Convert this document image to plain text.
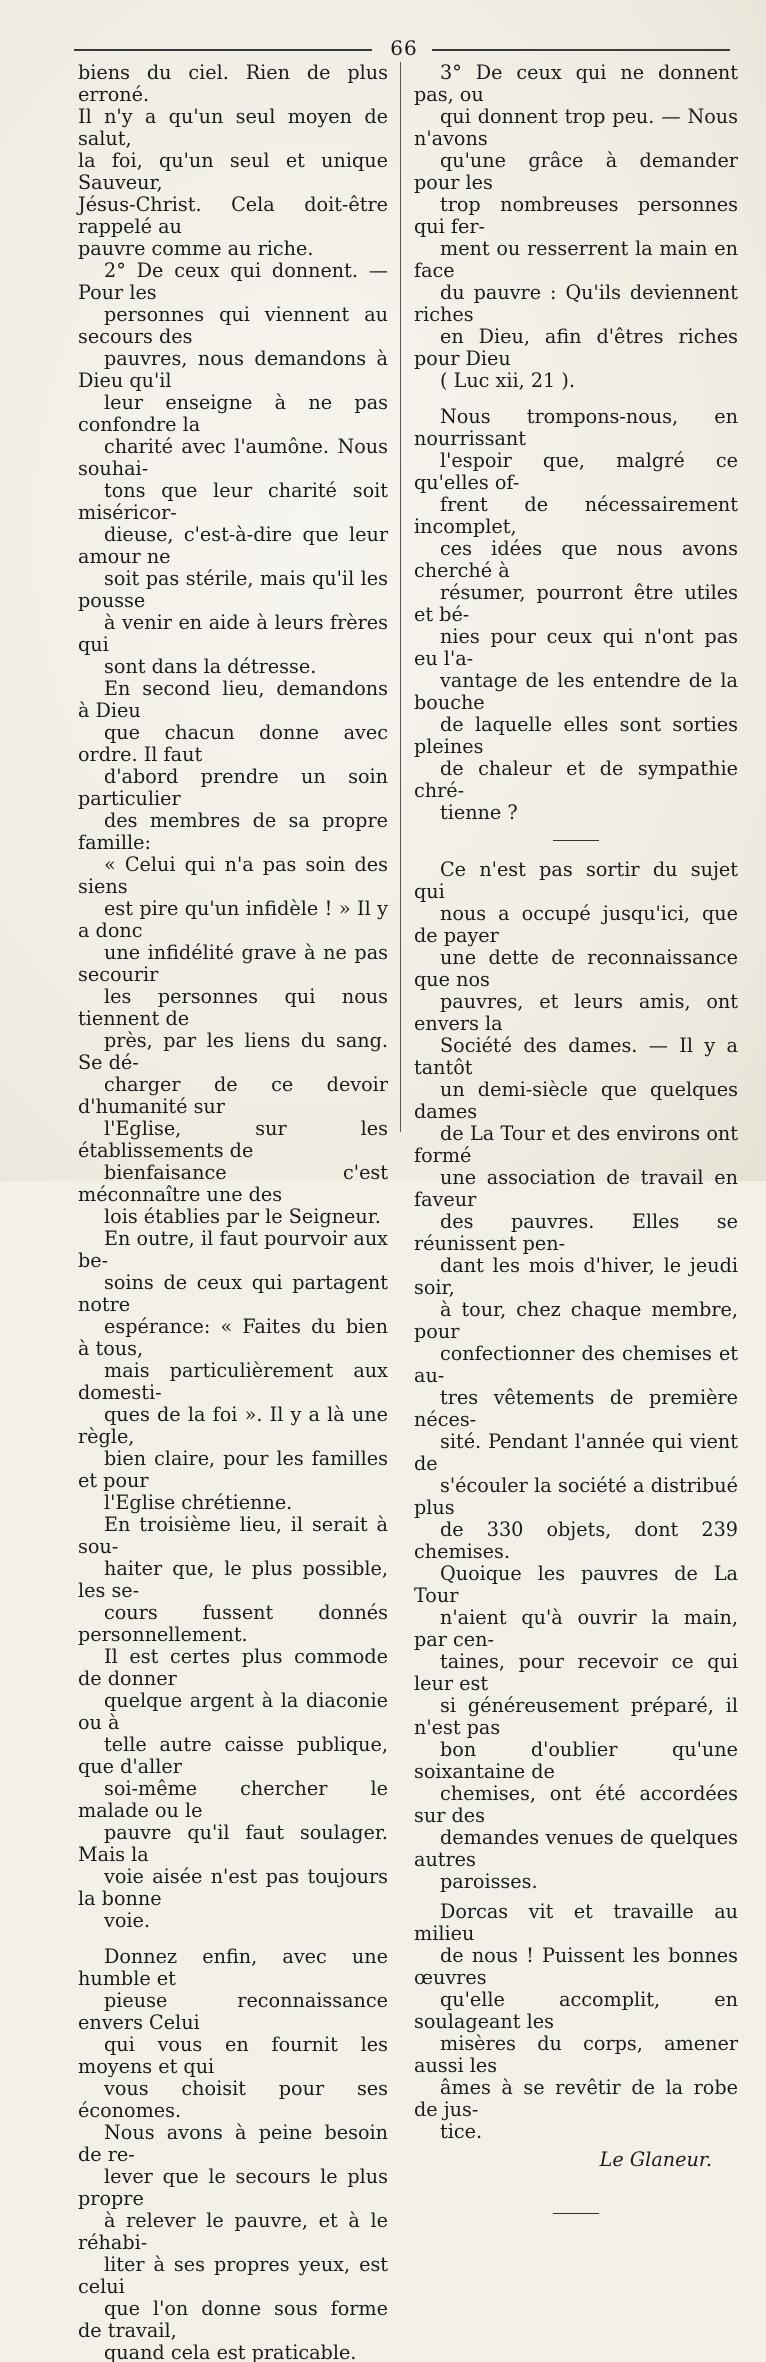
66

biens du ciel. Rien de plus erroné.
Il n'y a qu'un seul moyen de salut,
la foi, qu'un seul et unique Sauveur,
Jésus-Christ. Cela doit-être rappelé au
pauvre comme au riche.

2° De ceux qui donnent. — Pour les
personnes qui viennent au secours des
pauvres, nous demandons à Dieu qu'il
leur enseigne à ne pas confondre la
charité avec l'aumône. Nous souhai-
tons que leur charité soit miséricor-
dieuse, c'est-à-dire que leur amour ne
soit pas stérile, mais qu'il les pousse
à venir en aide à leurs frères qui
sont dans la détresse.

En second lieu, demandons à Dieu
que chacun donne avec ordre. Il faut
d'abord prendre un soin particulier
des membres de sa propre famille:
« Celui qui n'a pas soin des siens
est pire qu'un infidèle ! » Il y a donc
une infidélité grave à ne pas secourir
les personnes qui nous tiennent de
près, par les liens du sang. Se dé-
charger de ce devoir d'humanité sur
l'Eglise, sur les établissements de
bienfaisance c'est méconnaître une des
lois établies par le Seigneur.

En outre, il faut pourvoir aux be-
soins de ceux qui partagent notre
espérance: « Faites du bien à tous,
mais particulièrement aux domesti-
ques de la foi ». Il y a là une règle,
bien claire, pour les familles et pour
l'Eglise chrétienne.

En troisième lieu, il serait à sou-
haiter que, le plus possible, les se-
cours fussent donnés personnellement.
Il est certes plus commode de donner
quelque argent à la diaconie ou à
telle autre caisse publique, que d'aller
soi-même chercher le malade ou le
pauvre qu'il faut soulager. Mais la
voie aisée n'est pas toujours la bonne
voie.

Donnez enfin, avec une humble et
pieuse reconnaissance envers Celui
qui vous en fournit les moyens et qui
vous choisit pour ses économes.

Nous avons à peine besoin de re-
lever que le secours le plus propre
à relever le pauvre, et à le réhabi-
liter à ses propres yeux, est celui
que l'on donne sous forme de travail,
quand cela est praticable.

3° De ceux qui ne donnent pas, ou
qui donnent trop peu. — Nous n'avons
qu'une grâce à demander pour les
trop nombreuses personnes qui fer-
ment ou resserrent la main en face
du pauvre : Qu'ils deviennent riches
en Dieu, afin d'êtres riches pour Dieu
( Luc xii, 21 ).

Nous trompons-nous, en nourrissant
l'espoir que, malgré ce qu'elles of-
frent de nécessairement incomplet,
ces idées que nous avons cherché à
résumer, pourront être utiles et bé-
nies pour ceux qui n'ont pas eu l'a-
vantage de les entendre de la bouche
de laquelle elles sont sorties pleines
de chaleur et de sympathie chré-
tienne ?

Ce n'est pas sortir du sujet qui
nous a occupé jusqu'ici, que de payer
une dette de reconnaissance que nos
pauvres, et leurs amis, ont envers la
Société des dames. — Il y a tantôt
un demi-siècle que quelques dames
de La Tour et des environs ont formé
une association de travail en faveur
des pauvres. Elles se réunissent pen-
dant les mois d'hiver, le jeudi soir,
à tour, chez chaque membre, pour
confectionner des chemises et au-
tres vêtements de première néces-
sité. Pendant l'année qui vient de
s'écouler la société a distribué plus
de 330 objets, dont 239 chemises.

Quoique les pauvres de La Tour
n'aient qu'à ouvrir la main, par cen-
taines, pour recevoir ce qui leur est
si généreusement préparé, il n'est pas
bon d'oublier qu'une soixantaine de
chemises, ont été accordées sur des
demandes venues de quelques autres
paroisses.

Dorcas vit et travaille au milieu
de nous ! Puissent les bonnes œuvres
qu'elle accomplit, en soulageant les
misères du corps, amener aussi les
âmes à se revêtir de la robe de jus-
tice.

Le Glaneur.
